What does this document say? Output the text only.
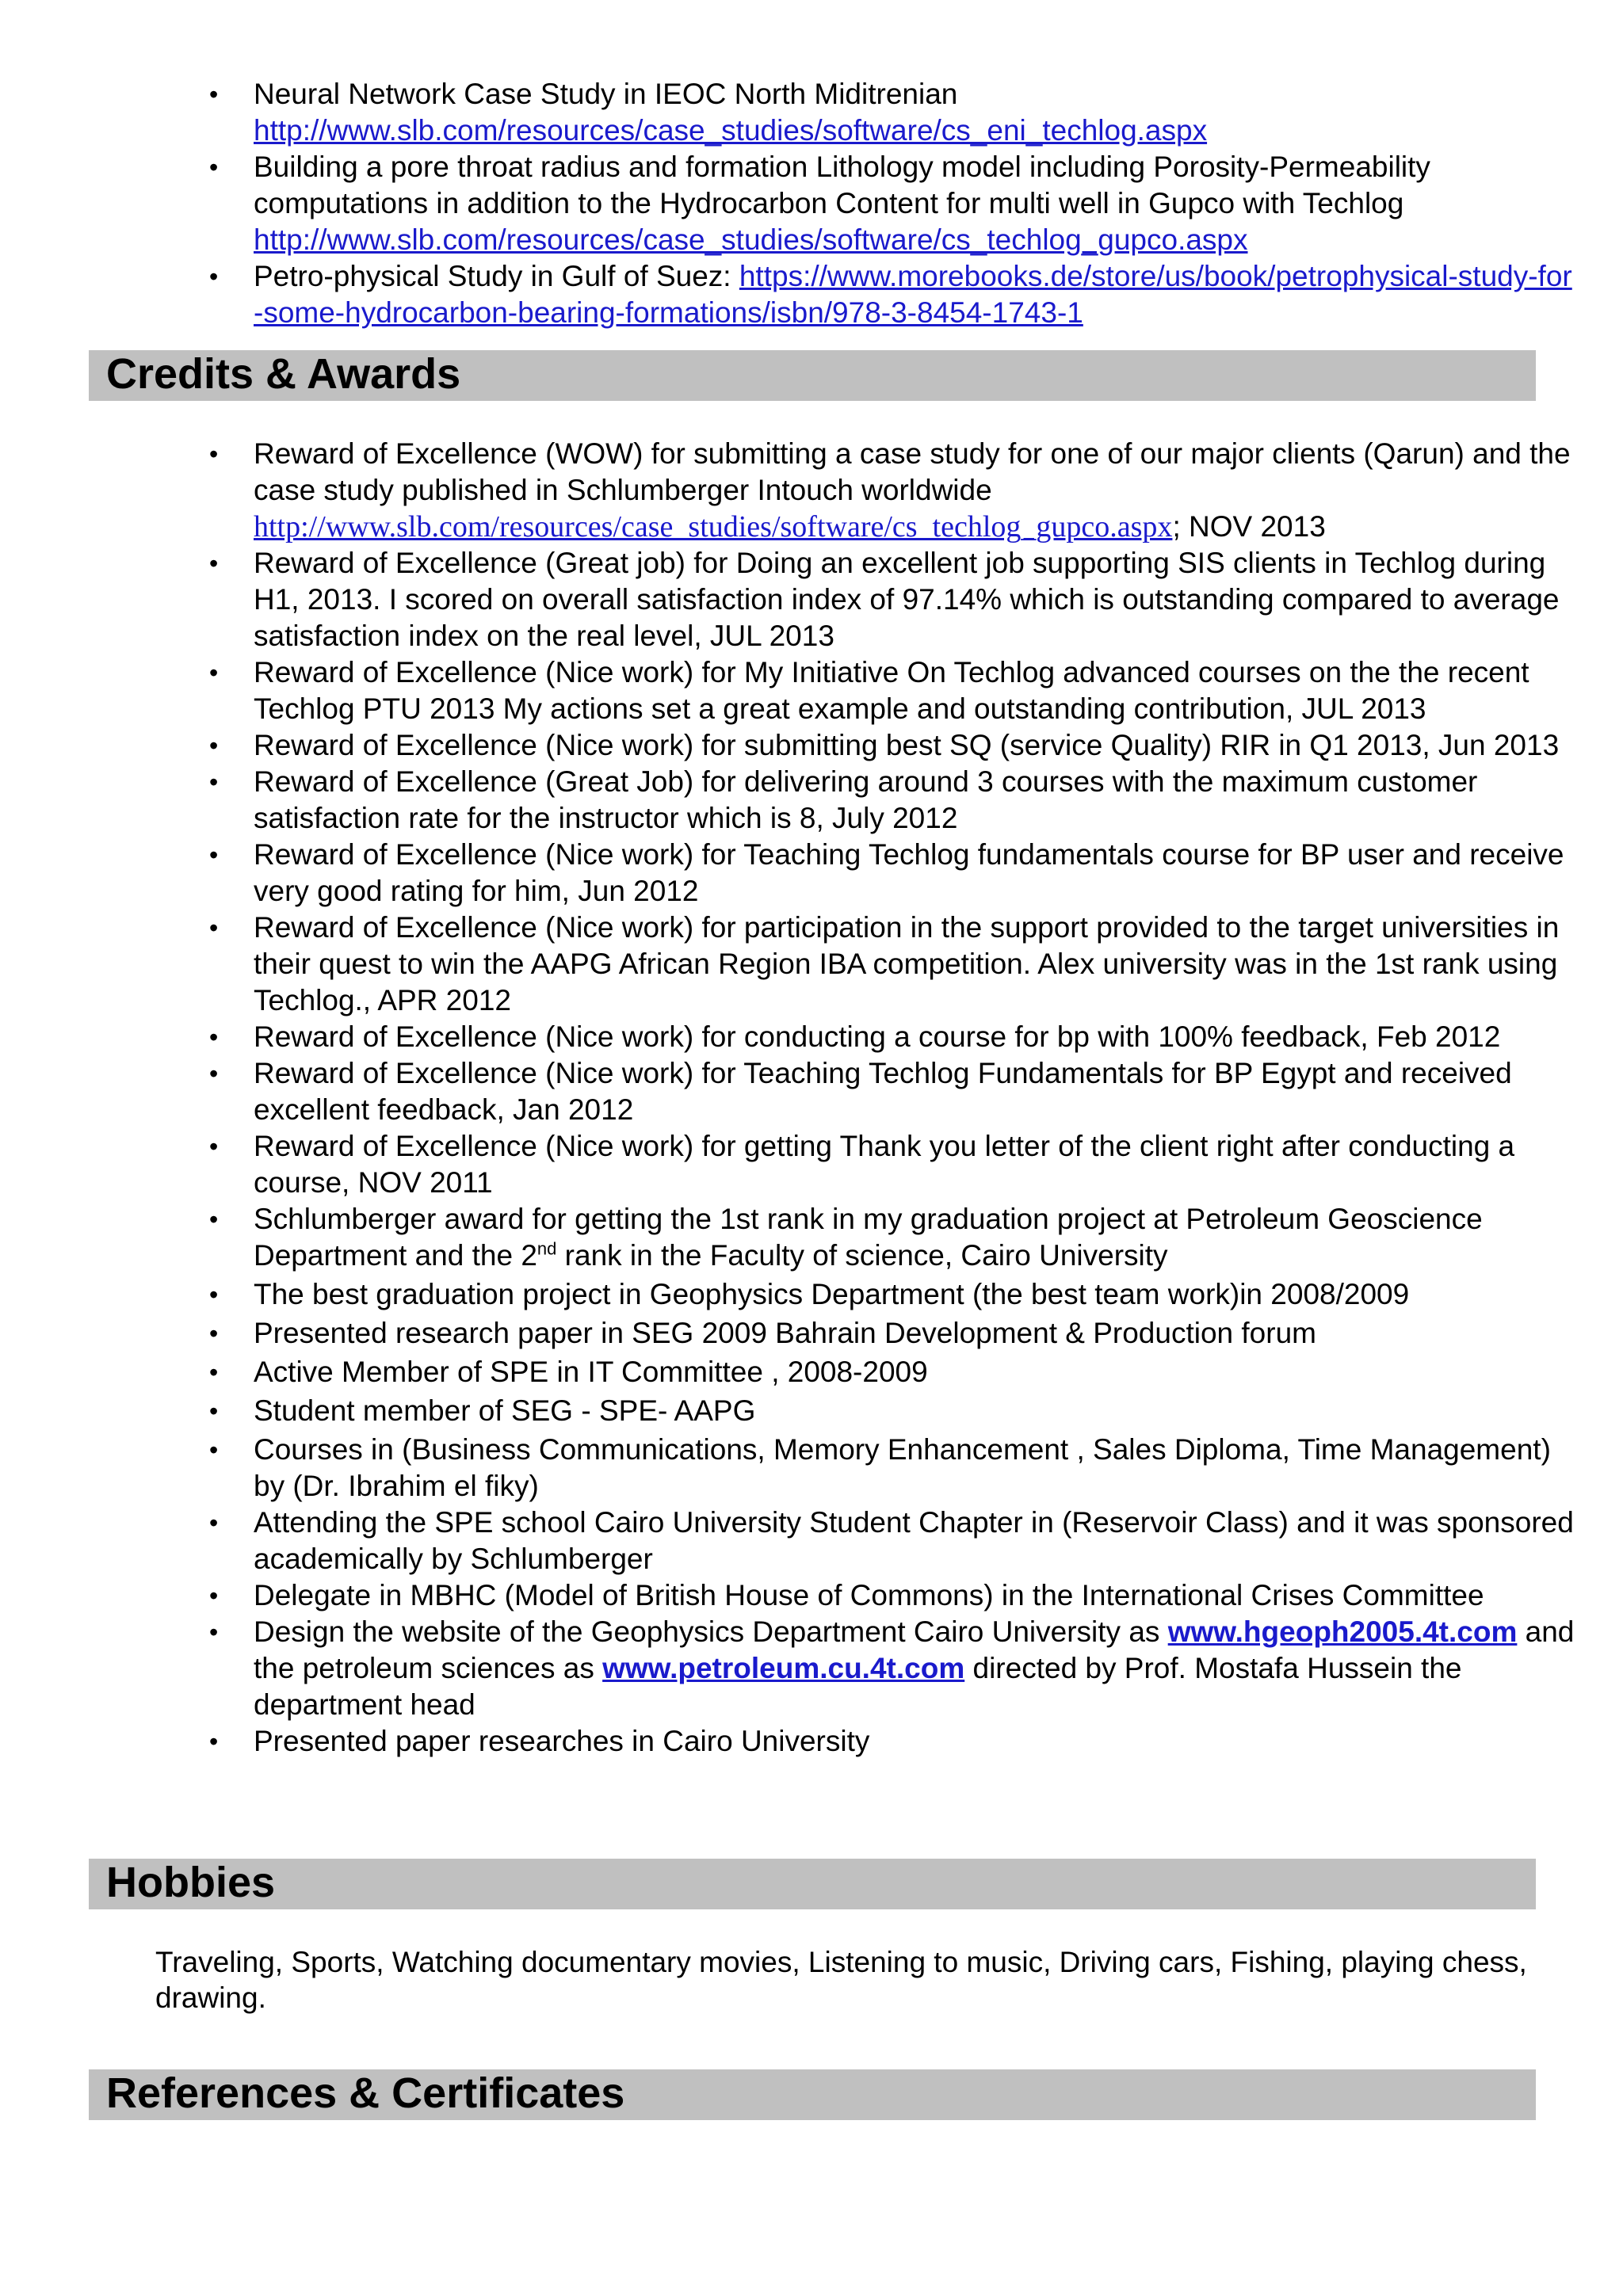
• Neural Network Case Study in IEOC North Miditrenian
http://www.slb.com/resources/case_studies/software/cs_eni_techlog.aspx
• Building a pore throat radius and formation Lithology model including Porosity-Permeability computations in addition to the Hydrocarbon Content for multi well in Gupco with Techlog
http://www.slb.com/resources/case_studies/software/cs_techlog_gupco.aspx
• Petro-physical Study in Gulf of Suez: https://www.morebooks.de/store/us/book/petrophysical-study-for-some-hydrocarbon-bearing-formations/isbn/978-3-8454-1743-1
Credits & Awards
• Reward of Excellence (WOW) for submitting a case study for one of our major clients (Qarun) and the case study published in Schlumberger Intouch worldwide http://www.slb.com/resources/case_studies/software/cs_techlog_gupco.aspx; NOV 2013
• Reward of Excellence (Great job) for Doing an excellent job supporting SIS clients in Techlog during H1, 2013. I scored on overall satisfaction index of 97.14% which is outstanding compared to average satisfaction index on the real level, JUL 2013
• Reward of Excellence (Nice work) for My Initiative On Techlog advanced courses on the the recent Techlog PTU 2013 My actions set a great example and outstanding contribution, JUL 2013
• Reward of Excellence (Nice work) for submitting best SQ (service Quality) RIR in Q1 2013, Jun 2013
• Reward of Excellence (Great Job) for delivering around 3 courses with the maximum customer satisfaction rate for the instructor which is 8, July 2012
• Reward of Excellence (Nice work) for Teaching Techlog fundamentals course for BP user and receive very good rating for him, Jun 2012
• Reward of Excellence (Nice work) for participation in the support provided to the target universities in their quest to win the AAPG African Region IBA competition. Alex university was in the 1st rank using Techlog., APR 2012
• Reward of Excellence (Nice work) for conducting a course for bp with 100% feedback, Feb 2012
• Reward of Excellence (Nice work) for Teaching Techlog Fundamentals for BP Egypt and received excellent feedback, Jan 2012
• Reward of Excellence (Nice work) for getting Thank you letter of the client right after conducting a course, NOV 2011
• Schlumberger award for getting the 1st rank in my graduation project at Petroleum Geoscience Department and the 2nd rank in the Faculty of science, Cairo University
• The best graduation project in Geophysics Department (the best team work)in 2008/2009
• Presented research paper in SEG 2009 Bahrain Development & Production forum
• Active Member of SPE in IT Committee , 2008-2009
• Student member of SEG - SPE- AAPG
• Courses in (Business Communications, Memory Enhancement , Sales Diploma, Time Management) by (Dr. Ibrahim el fiky)
• Attending the SPE school Cairo University Student Chapter in (Reservoir Class) and it was sponsored academically by Schlumberger
• Delegate in MBHC (Model of British House of Commons) in the International Crises Committee
• Design the website of the Geophysics Department Cairo University as www.hgeoph2005.4t.com and the petroleum sciences as www.petroleum.cu.4t.com directed by Prof. Mostafa Hussein the department head
• Presented paper researches in Cairo University
Hobbies

Traveling, Sports, Watching documentary movies, Listening to music, Driving cars, Fishing, playing chess, drawing.

References & Certificates
